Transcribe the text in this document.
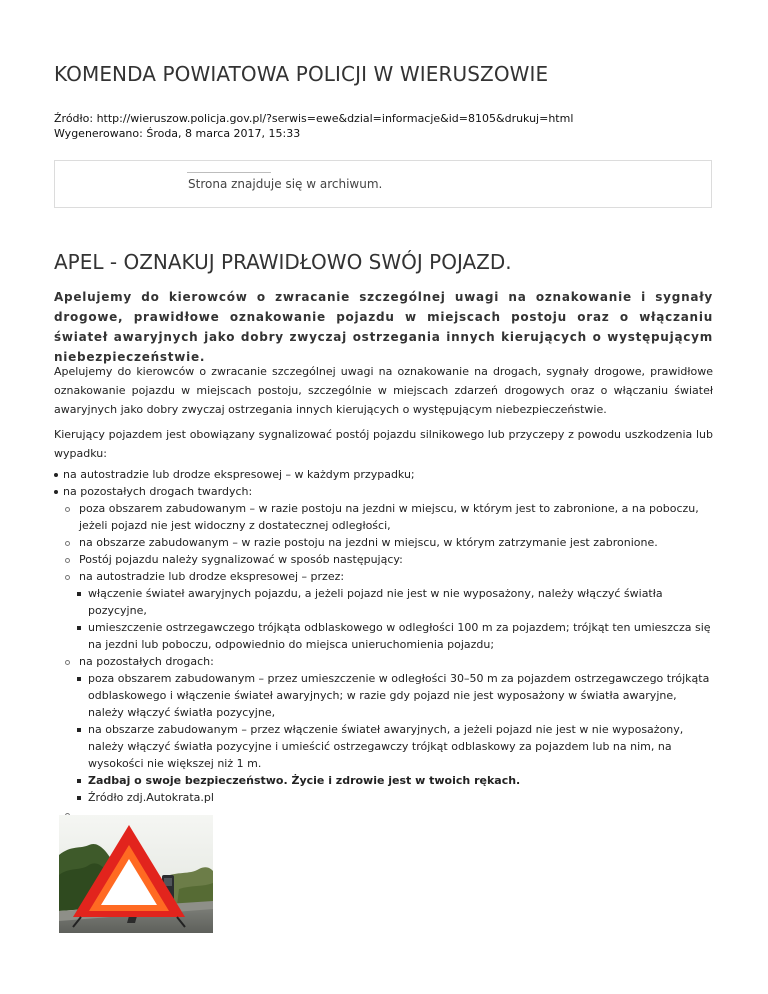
KOMENDA POWIATOWA POLICJI W WIERUSZOWIE
Źródło: http://wieruszow.policja.gov.pl/?serwis=ewe&dzial=informacje&id=8105&drukuj=html
Wygenerowano: Środa, 8 marca 2017, 15:33
Strona znajduje się w archiwum.
APEL - OZNAKUJ PRAWIDŁOWO SWÓJ POJAZD.

Apelujemy do kierowców o zwracanie szczególnej uwagi na oznakowanie i sygnały drogowe, prawidłowe oznakowanie pojazdu w miejscach postoju oraz o włączaniu świateł awaryjnych jako dobry zwyczaj ostrzegania innych kierujących o występującym niebezpieczeństwie.

Apelujemy do kierowców o zwracanie szczególnej uwagi na oznakowanie na drogach, sygnały drogowe, prawidłowe oznakowanie pojazdu w miejscach postoju, szczególnie w miejscach zdarzeń drogowych oraz o włączaniu świateł awaryjnych jako dobry zwyczaj ostrzegania innych kierujących o występującym niebezpieczeństwie.

Kierujący pojazdem jest obowiązany sygnalizować postój pojazdu silnikowego lub przyczepy z powodu uszkodzenia lub wypadku:

na autostradzie lub drodze ekspresowej – w każdym przypadku;
na pozostałych drogach twardych:
poza obszarem zabudowanym – w razie postoju na jezdni w miejscu, w którym jest to zabronione, a na poboczu, jeżeli pojazd nie jest widoczny z dostatecznej odległości,
na obszarze zabudowanym – w razie postoju na jezdni w miejscu, w którym zatrzymanie jest zabronione.
Postój pojazdu należy sygnalizować w sposób następujący:
na autostradzie lub drodze ekspresowej – przez:
włączenie świateł awaryjnych pojazdu, a jeżeli pojazd nie jest w nie wyposażony, należy włączyć światła pozycyjne,
umieszczenie ostrzegawczego trójkąta odblaskowego w odległości 100 m za pojazdem; trójkąt ten umieszcza się na jezdni lub poboczu, odpowiednio do miejsca unieruchomienia pojazdu;
na pozostałych drogach:
poza obszarem zabudowanym – przez umieszczenie w odległości 30–50 m za pojazdem ostrzegawczego trójkąta odblaskowego i włączenie świateł awaryjnych; w razie gdy pojazd nie jest wyposażony w światła awaryjne, należy włączyć światła pozycyjne,
na obszarze zabudowanym – przez włączenie świateł awaryjnych, a jeżeli pojazd nie jest w nie wyposażony, należy włączyć światła pozycyjne i umieścić ostrzegawczy trójkąt odblaskowy za pojazdem lub na nim, na wysokości nie większej niż 1 m.
Zadbaj o swoje bezpieczeństwo. Życie i zdrowie jest w twoich rękach.
Źródło zdj.Autokrata.pl
